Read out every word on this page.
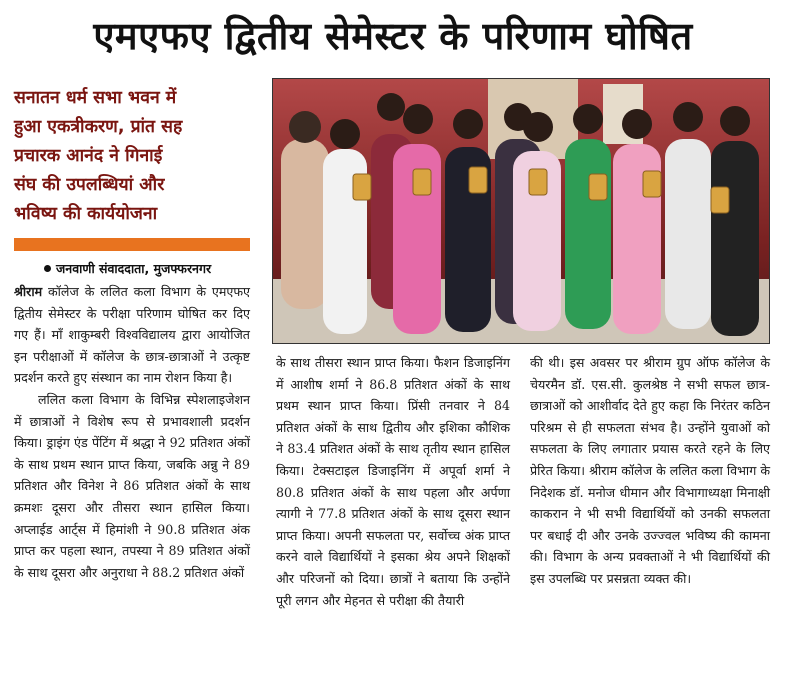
एमएफए द्वितीय सेमेस्टर के परिणाम घोषित

सनातन धर्म सभा भवन में

हुआ एकत्रीकरण, प्रांत सह

प्रचारक आनंद ने गिनाई

संघ की उपलब्धियां और

भविष्य की कार्ययोजना

जनवाणी संवाददाता, मुजफ्फरनगर

श्रीराम कॉलेज के ललित कला विभाग के एमएफए द्वितीय सेमेस्टर के परीक्षा परिणाम घोषित कर दिए गए हैं। माँ शाकुम्बरी विश्वविद्यालय द्वारा आयोजित इन परीक्षाओं में कॉलेज के छात्र-छात्राओं ने उत्कृष्ट प्रदर्शन करते हुए संस्थान का नाम रोशन किया है।

ललित कला विभाग के विभिन्न स्पेशलाइजेशन में छात्राओं ने विशेष रूप से प्रभावशाली प्रदर्शन किया। ड्राइंग एंड पेंटिंग में श्रद्धा ने 92 प्रतिशत अंकों के साथ प्रथम स्थान प्राप्त किया, जबकि अन्नु ने 89 प्रतिशत और विनेश ने 86 प्रतिशत अंकों के साथ क्रमशः दूसरा और तीसरा स्थान हासिल किया। अप्लाईड आर्ट्स में हिमांशी ने 90.8 प्रतिशत अंक प्राप्त कर पहला स्थान, तपस्या ने 89 प्रतिशत अंकों के साथ दूसरा और अनुराधा ने 88.2 प्रतिशत अंकों

के साथ तीसरा स्थान प्राप्त किया। फैशन डिजाइनिंग में आशीष शर्मा ने 86.8 प्रतिशत अंकों के साथ प्रथम स्थान प्राप्त किया। प्रिंसी तनवार ने 84 प्रतिशत अंकों के साथ द्वितीय और इशिका कौशिक ने 83.4 प्रतिशत अंकों के साथ तृतीय स्थान हासिल किया। टेक्सटाइल डिजाइनिंग में अपूर्वा शर्मा ने 80.8 प्रतिशत अंकों के साथ पहला और अर्पणा त्यागी ने 77.8 प्रतिशत अंकों के साथ दूसरा स्थान प्राप्त किया। अपनी सफलता पर, सर्वोच्च अंक प्राप्त करने वाले विद्यार्थियों ने इसका श्रेय अपने शिक्षकों और परिजनों को दिया। छात्रों ने बताया कि उन्होंने पूरी लगन और मेहनत से परीक्षा की तैयारी

की थी। इस अवसर पर श्रीराम ग्रुप ऑफ कॉलेज के चेयरमैन डॉ. एस.सी. कुलश्रेष्ठ ने सभी सफल छात्र-छात्राओं को आशीर्वाद देते हुए कहा कि निरंतर कठिन परिश्रम से ही सफलता संभव है। उन्होंने युवाओं को सफलता के लिए लगातार प्रयास करते रहने के लिए प्रेरित किया। श्रीराम कॉलेज के ललित कला विभाग के निदेशक डॉ. मनोज धीमान और विभागाध्यक्षा मिनाक्षी काकरान ने भी सभी विद्यार्थियों को उनकी सफलता पर बधाई दी और उनके उज्ज्वल भविष्य की कामना की। विभाग के अन्य प्रवक्ताओं ने भी विद्यार्थियों की इस उपलब्धि पर प्रसन्नता व्यक्त की।
